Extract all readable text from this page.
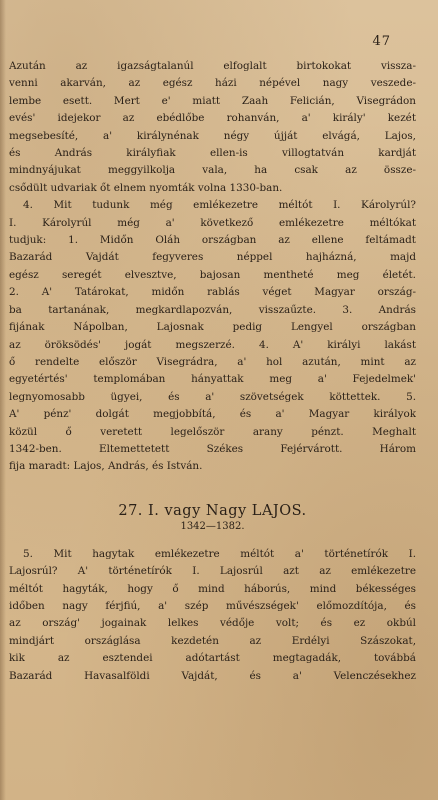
47
Azután az igazságtalanúl elfoglalt birtokokat vissza-
venni akarván, az egész házi népével nagy veszede-
lembe esett. Mert e' miatt Zaah Felicián, Visegrádon
evés' idejekor az ebédlőbe rohanván, a' király' kezét
megsebesíté, a' királynénak négy újját elvágá, Lajos,
és András királyfiak ellen-is villogtatván kardját
mindnyájukat meggyilkolja vala, ha csak az össze-
csődült udvariak őt elnem nyomták volna 1330-ban.
4. Mit tudunk még emlékezetre méltót I. Károlyrúl?
I. Károlyrúl még a' következő emlékezetre méltókat
tudjuk: 1. Midőn Oláh országban az ellene feltámadt
Bazarád Vajdát fegyveres néppel hajházná, majd
egész seregét elvesztve, bajosan mentheté meg életét.
2. A' Tatárokat, midőn rablás véget Magyar ország-
ba tartanának, megkardlapozván, visszaűzte. 3. András
fijának Nápolban, Lajosnak pedig Lengyel országban
az öröksödés' jogát megszerzé. 4. A' királyi lakást
ő rendelte először Visegrádra, a' hol azután, mint az
egyetértés' templomában hányattak meg a' Fejedelmek'
legnyomosabb ügyei, és a' szövetségek köttettek. 5.
A' pénz' dolgát megjobbítá, és a' Magyar királyok
közül ő veretett legelőször arany pénzt. Meghalt
1342-ben. Eltemettetett Székes Fejérvárott. Három
fija maradt: Lajos, András, és István.
27. I. vagy Nagy LAJOS.
1342—1382.
5. Mit hagytak emlékezetre méltót a' történetírók I.
Lajosrúl? A' történetírók I. Lajosrúl azt az emlékezetre
méltót hagyták, hogy ő mind háborús, mind békességes
időben nagy férjfiú, a' szép művészségek' előmozdítója, és
az ország' jogainak lelkes védője volt; és ez okbúl
mindjárt országlása kezdetén az Erdélyi Szászokat,
kik az esztendei adótartást megtagadák, továbbá
Bazarád Havasalföldi Vajdát, és a' Velenczésekhez
